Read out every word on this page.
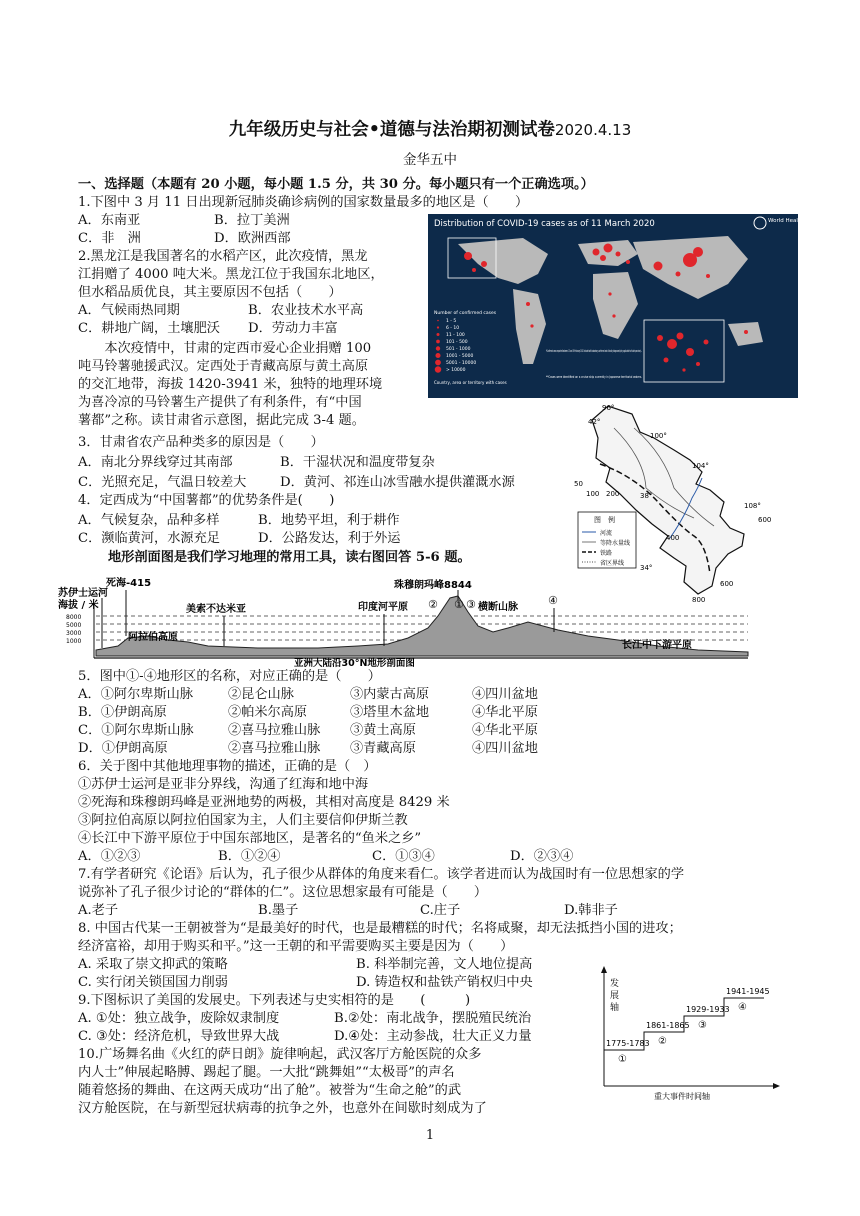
九年级历史与社会•道德与法治期初测试卷2020.4.13
金华五中
一、选择题（本题有 20 小题，每小题 1.5 分，共 30 分。每小题只有一个正确选项。）
1.下图中 3 月 11 日出现新冠肺炎确诊病例的国家数量最多的地区是（　　）
A．东南亚	B．拉丁美洲
C．非　洲	D．欧洲西部
2.黑龙江是我国著名的水稻产区，此次疫情，黑龙
江捐赠了 4000 吨大米。黑龙江位于我国东北地区，
但水稻品质优良，其主要原因不包括（　　）
A．气候雨热同期	B．农业技术水平高
C．耕地广阔，土壤肥沃 D．劳动力丰富
　　本次疫情中，甘肃的定西市爱心企业捐赠 100
吨马铃薯驰援武汉。定西处于青藏高原与黄土高原
的交汇地带，海拔 1420-3941 米，独特的地理环境
为喜冷凉的马铃薯生产提供了有利条件，有“中国
薯都”之称。读甘肃省示意图，据此完成 3-4 题。
3．甘肃省农产品种类多的原因是（　　）
A．南北分界线穿过其南部	B．干湿状况和温度带复杂
C．光照充足，气温日较差大	D．黄河、祁连山冰雪融水提供灌溉水源
4．定西成为“中国薯都”的优势条件是(　　)
A．气候复杂，品种多样	B．地势平坦，利于耕作
C．濒临黄河，水源充足	D．公路发达，利于外运
地形剖面图是我们学习地理的常用工具，读右图回答 5-6 题。
5．图中①-④地形区的名称，对应正确的是（　　）
A．①阿尔卑斯山脉	②昆仑山脉	③内蒙古高原	④四川盆地
B．①伊朗高原	②帕米尔高原	③塔里木盆地	④华北平原
C．①阿尔卑斯山脉	②喜马拉雅山脉 ③黄土高原	④华北平原
D．①伊朗高原	②喜马拉雅山脉 ③青藏高原	④四川盆地
6．关于图中其他地理事物的描述，正确的是（　）
①苏伊士运河是亚非分界线，沟通了红海和地中海
②死海和珠穆朗玛峰是亚洲地势的两极，其相对高度是 8429 米
③阿拉伯高原以阿拉伯国家为主，人们主要信仰伊斯兰教
④长江中下游平原位于中国东部地区，是著名的“鱼米之乡”
A．①②③	B．①②④	C．①③④	D．②③④
7.有学者研究《论语》后认为，孔子很少从群体的角度来看仁。该学者进而认为战国时有一位思想家的学
说弥补了孔子很少讨论的“群体的仁”。这位思想家最有可能是（　　）
A.老子	B.墨子	C.庄子	D.韩非子
8. 中国古代某一王朝被誉为“是最美好的时代，也是最糟糕的时代；名将咸聚，却无法抵挡小国的进攻；
经济富裕，却用于购买和平。”这一王朝的和平需要购买主要是因为（　　）
A. 采取了崇文抑武的策略	B. 科举制完善，文人地位提高
C. 实行闭关锁国国力削弱	D. 铸造权和盐铁产销权归中央
9.下图标识了美国的发展史。下列表述与史实相符的是　　(　　　)
A. ①处：独立战争，废除奴隶制度	B.②处：南北战争，摆脱殖民统治
C. ③处：经济危机，导致世界大战	D.④处：主动参战，壮大正义力量
10.广场舞名曲《火红的萨日朗》旋律响起，武汉客厅方舱医院的众多
内人士”伸展起略膊、踢起了腿。一大批“跳舞姐”“太极哥”的声名
随着悠扬的舞曲、在这两天成功“出了舱”。被誉为“生命之舱”的武
汉方舱医院，在与新型冠状病毒的抗争之外，也意外在间歇时刻成为了
Distribution of COVID-19 cases as of 11 March 2020	World Health Organization
Number of confirmed cases
1 - 5
6 - 10
11 - 100
101 - 500
501 - 1000
1001 - 5000
5001 - 10000
> 10000
Country, area or territory with cases
*Confirmed cases reported between 13 and 19 February 2020 include both laboratory-confirmed and clinically diagnosed (only applicable to Hubei province)...
**Cases were identified on a cruise ship currently in Japanese territorial waters.
96°
100°
104°
108°
42°
38°
34°
50
100 200
400
600
800
600
图　例
河流
等降水量线
铁路
省区界线
死海-415
苏伊士运河
海拔 / 米
8000
5000
3000
1000
珠穆朗玛峰8844
美索不达米亚	印度河平原	横断山脉
阿拉伯高原
长江中下游平原
①
②	③	④
亚洲大陆沿30°N地形剖面图
发展轴
1775-1783
①
1861-1865
②
1929-1933
③
1941-1945
④
重大事件时间轴
1
